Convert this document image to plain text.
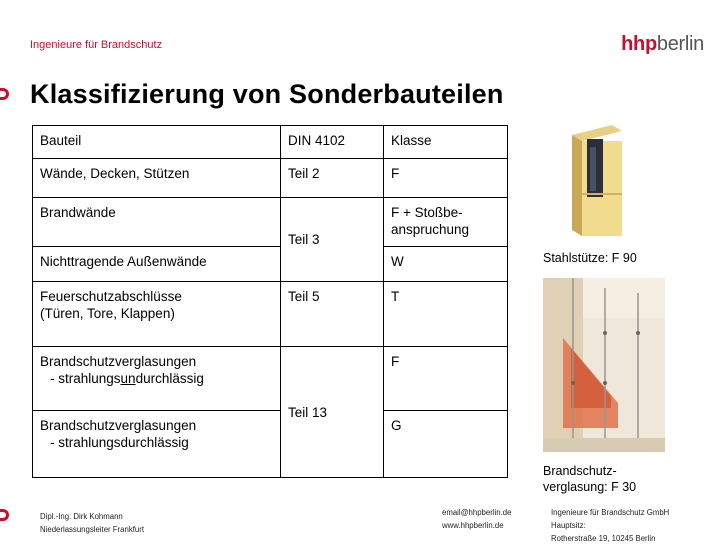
Ingenieure für Brandschutz	hhpberlin
Klassifizierung von Sonderbauteilen
Bauteil	DIN 4102	Klasse
Wände, Decken, Stützen	Teil 2	F
Brandwände	Teil 3	F + Stoßbe-
anspruchung

Nichttragende Außenwände		W

Feuerschutzabschlüsse
(Türen, Tore, Klappen)	Teil 5	T

Brandschutzverglasungen
- strahlungsundurchlässig	Teil 13	F

Brandschutzverglasungen
- strahlungsdurchlässig		G
Stahlstütze: F 90
Brandschutz-
verglasung: F 30
Dipl.-Ing. Dirk Kohmann
Niederlassungsleiter Frankfurt
email@hhpberlin.de
www.hhpberlin.de
Ingenieure für Brandschutz GmbH
Hauptsitz:
Rotherstraße 19, 10245 Berlin
